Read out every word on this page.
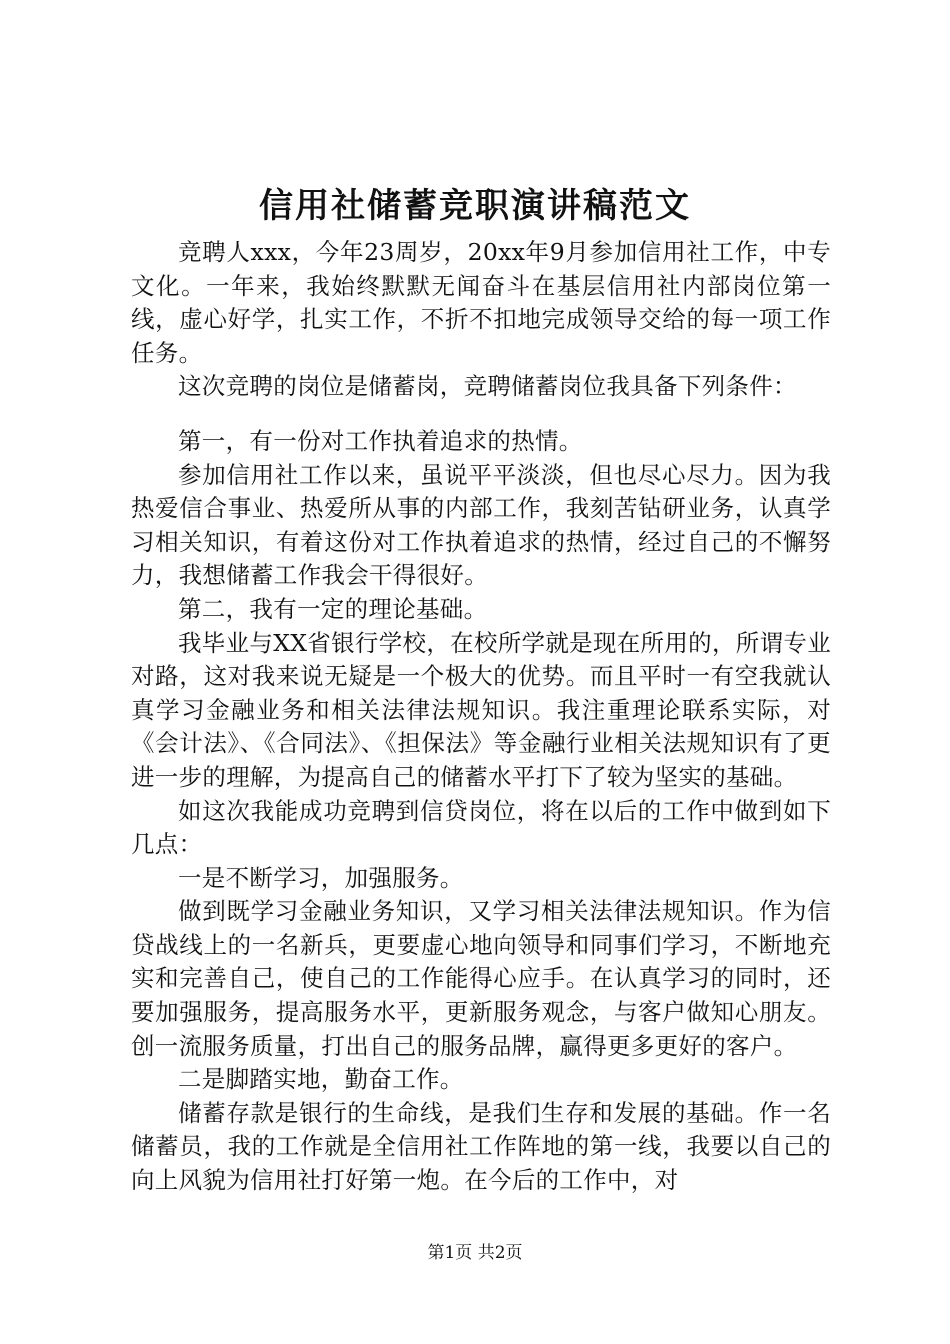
信用社储蓄竞职演讲稿范文

竞聘人xxx，今年23周岁，20xx年9月参加信用社工作，中专文化。一年来，我始终默默无闻奋斗在基层信用社内部岗位第一线，虚心好学，扎实工作，不折不扣地完成领导交给的每一项工作任务。

这次竞聘的岗位是储蓄岗，竞聘储蓄岗位我具备下列条件：

第一，有一份对工作执着追求的热情。

参加信用社工作以来，虽说平平淡淡，但也尽心尽力。因为我热爱信合事业、热爱所从事的内部工作，我刻苦钻研业务，认真学习相关知识，有着这份对工作执着追求的热情，经过自己的不懈努力，我想储蓄工作我会干得很好。

第二，我有一定的理论基础。

我毕业与XX省银行学校，在校所学就是现在所用的，所谓专业对路，这对我来说无疑是一个极大的优势。而且平时一有空我就认真学习金融业务和相关法律法规知识。我注重理论联系实际，对《会计法》、《合同法》、《担保法》等金融行业相关法规知识有了更进一步的理解，为提高自己的储蓄水平打下了较为坚实的基础。

如这次我能成功竞聘到信贷岗位，将在以后的工作中做到如下几点：

一是不断学习，加强服务。

做到既学习金融业务知识，又学习相关法律法规知识。作为信贷战线上的一名新兵，更要虚心地向领导和同事们学习，不断地充实和完善自己，使自己的工作能得心应手。在认真学习的同时，还要加强服务，提高服务水平，更新服务观念，与客户做知心朋友。创一流服务质量，打出自己的服务品牌，赢得更多更好的客户。

二是脚踏实地，勤奋工作。

储蓄存款是银行的生命线，是我们生存和发展的基础。作一名储蓄员，我的工作就是全信用社工作阵地的第一线，我要以自己的向上风貌为信用社打好第一炮。在今后的工作中，对

第1页 共2页
